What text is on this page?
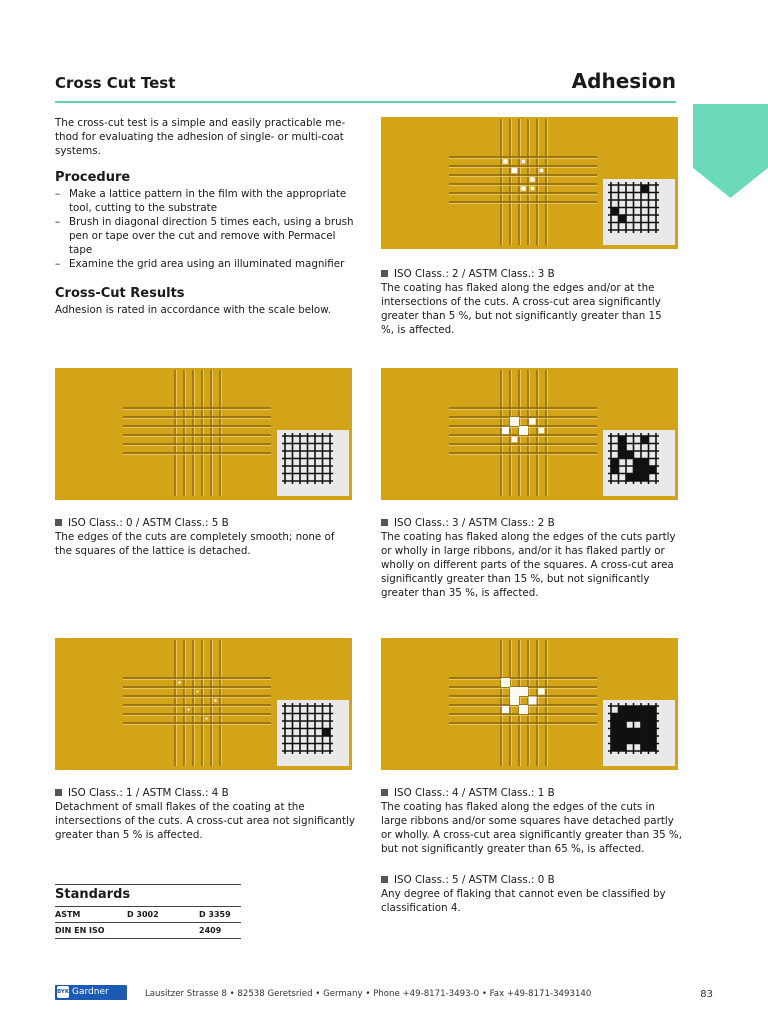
Cross Cut Test	Adhesion
The cross-cut test is a simple and easily practicable me-
thod for evaluating the adhesion of single- or multi-coat
systems.
Procedure
– Make a lattice pattern in the film with the appropriate
tool, cutting to the substrate
– Brush in diagonal direction 5 times each, using a brush
pen or tape over the cut and remove with Permacel
tape
– Examine the grid area using an illuminated magnifier
Cross-Cut Results
Adhesion is rated in accordance with the scale below.
ISO Class.: 0 / ASTM Class.: 5 B
The edges of the cuts are completely smooth; none of
the squares of the lattice is detached.
ISO Class.: 1 / ASTM Class.: 4 B
Detachment of small flakes of the coating at the
intersections of the cuts. A cross-cut area not significantly
greater than 5 % is affected.
ISO Class.: 2 / ASTM Class.: 3 B
The coating has flaked along the edges and/or at the
intersections of the cuts. A cross-cut area significantly
greater than 5 %, but not significantly greater than 15
%, is affected.
ISO Class.: 3 / ASTM Class.: 2 B
The coating has flaked along the edges of the cuts partly
or wholly in large ribbons, and/or it has flaked partly or
wholly on different parts of the squares. A cross-cut area
significantly greater than 15 %, but not significantly
greater than 35 %, is affected.
ISO Class.: 4 / ASTM Class.: 1 B
The coating has flaked along the edges of the cuts in
large ribbons and/or some squares have detached partly
or wholly. A cross-cut area significantly greater than 35 %,
but not significantly greater than 65 %, is affected.
ISO Class.: 5 / ASTM Class.: 0 B
Any degree of flaking that cannot even be classified by
classification 4.
Standards
ASTM	D 3002	D 3359
DIN EN ISO		2409
BYK Gardner	Lausitzer Strasse 8 • 82538 Geretsried • Germany • Phone +49-8171-3493-0 • Fax +49-8171-3493140	83
